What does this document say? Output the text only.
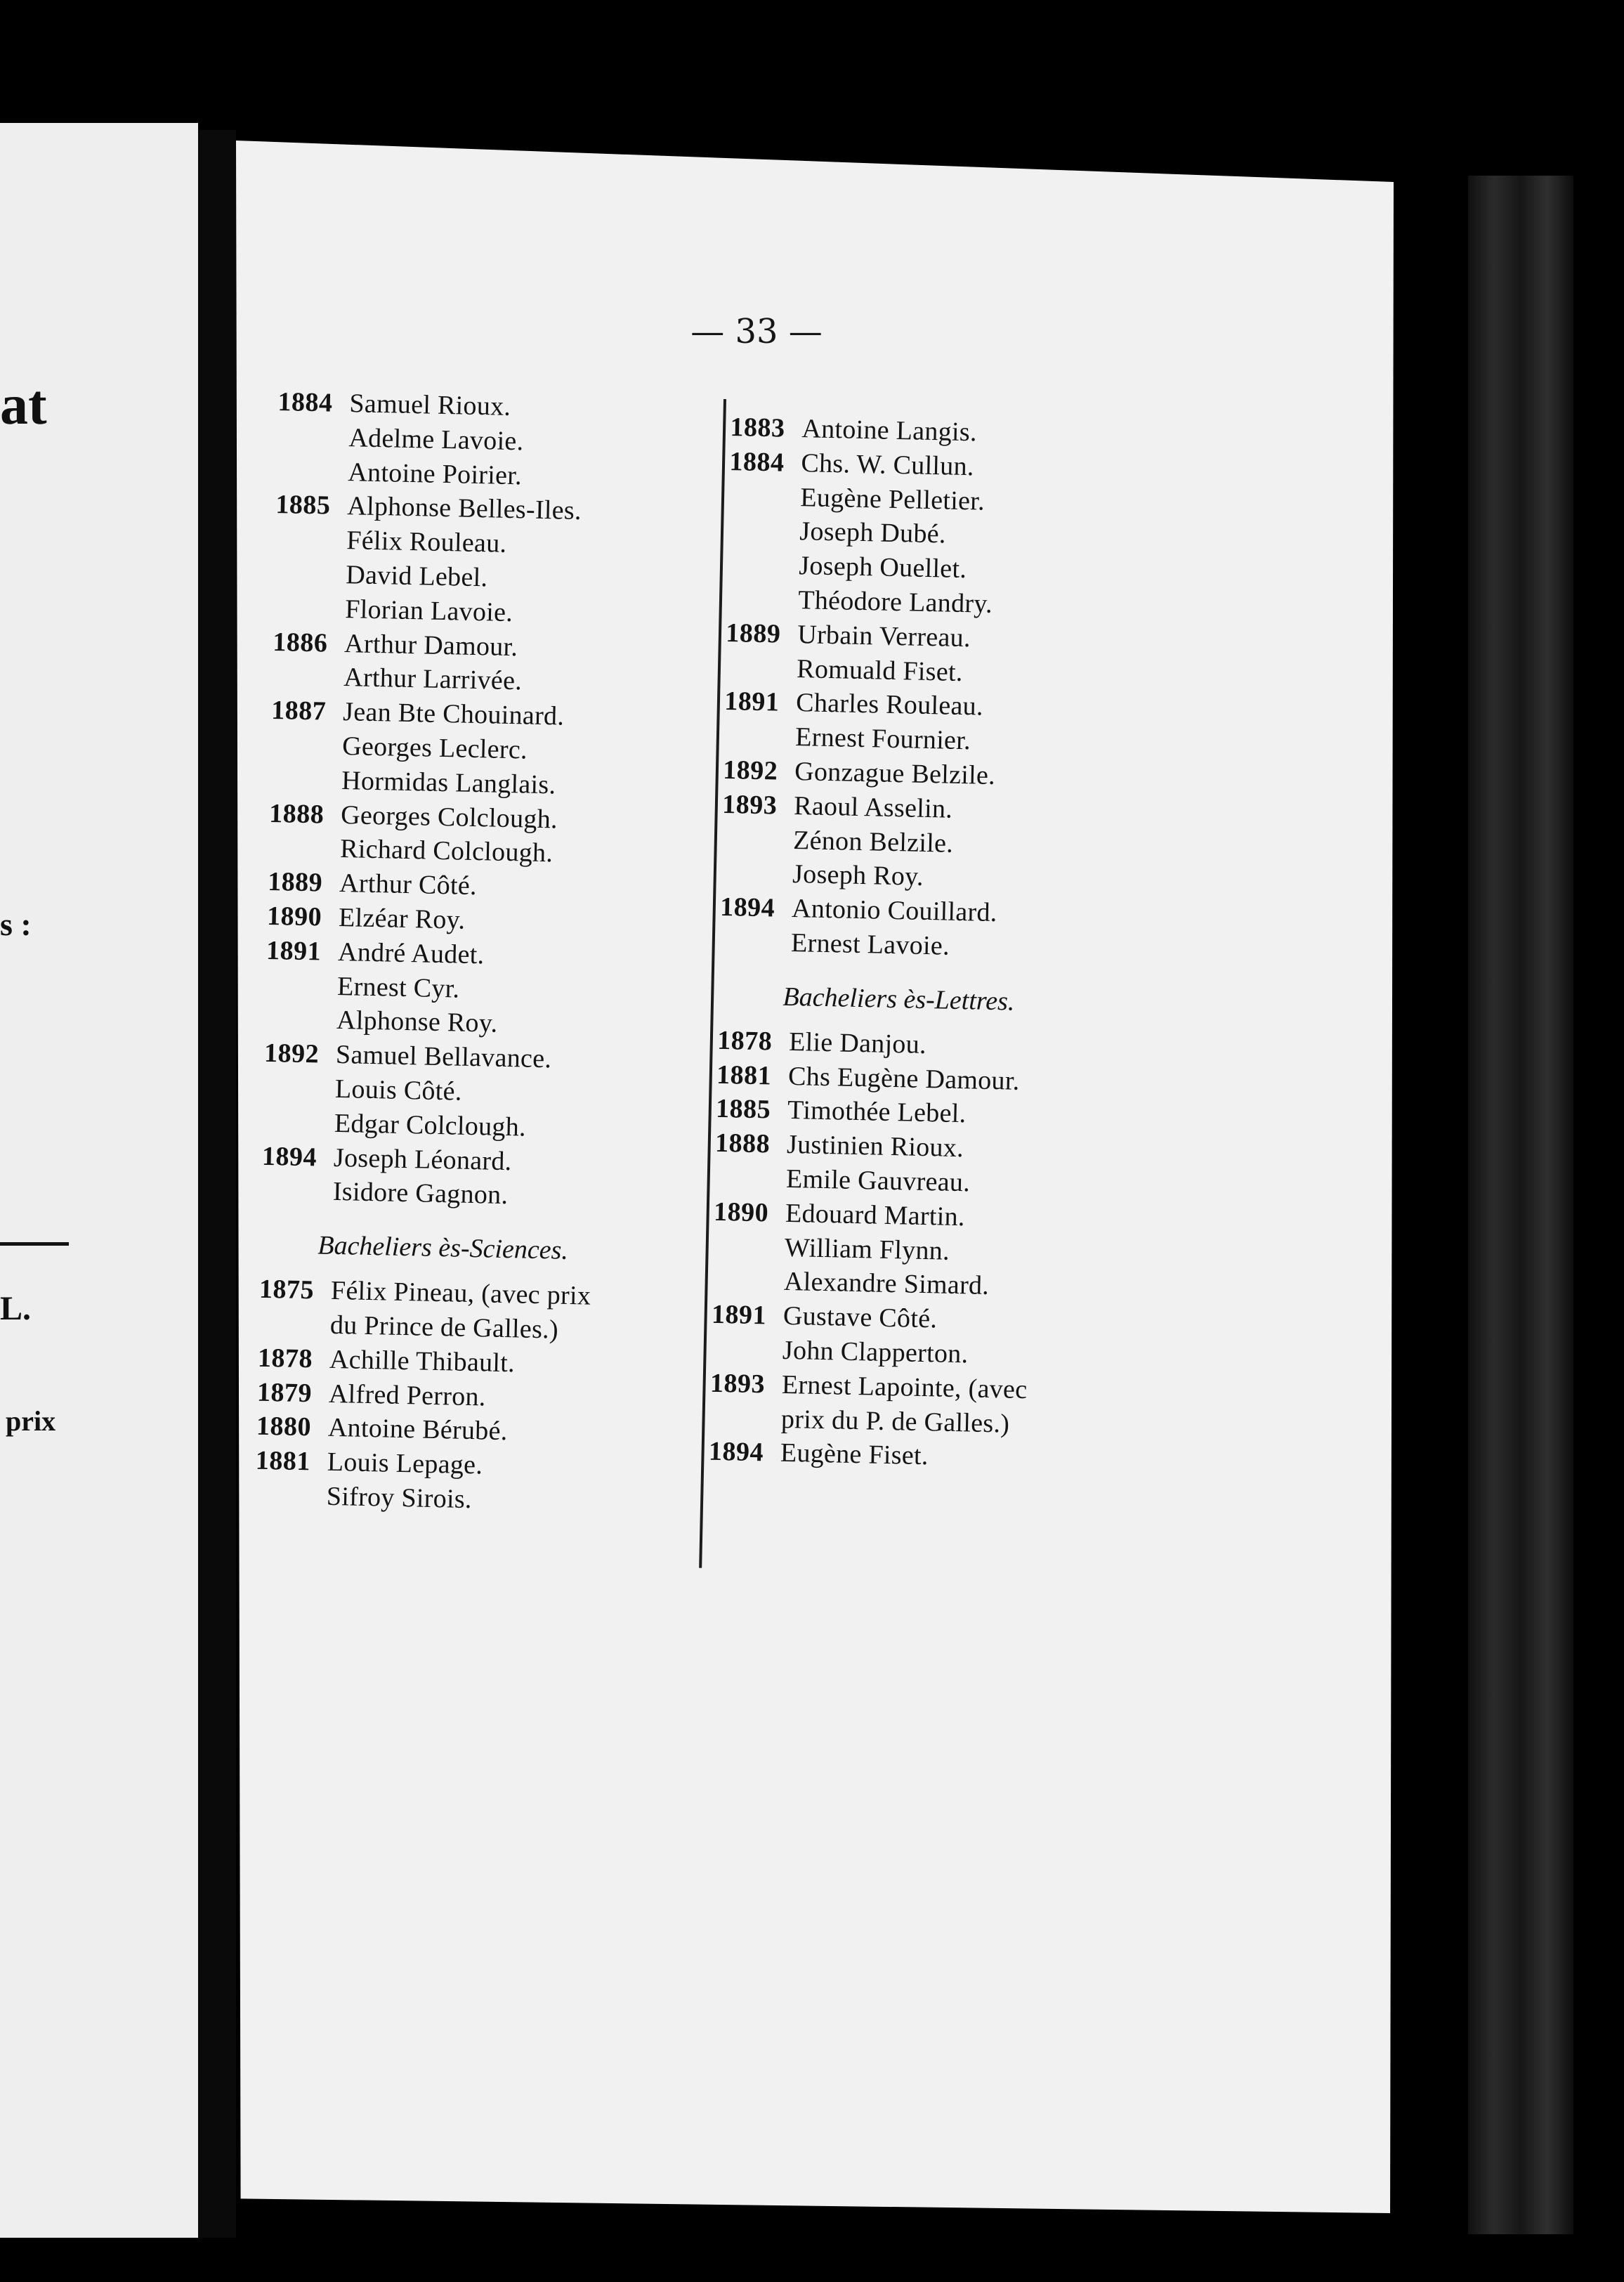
at
s :
L.
prix
— 33 —
1884 Samuel Rioux.
Adelme Lavoie.
Antoine Poirier.
1885 Alphonse Belles-Iles.
Félix Rouleau.
David Lebel.
Florian Lavoie.
1886 Arthur Damour.
Arthur Larrivée.
1887 Jean Bte Chouinard.
Georges Leclerc.
Hormidas Langlais.
1888 Georges Colclough.
Richard Colclough.
1889 Arthur Côté.
1890 Elzéar Roy.
1891 André Audet.
Ernest Cyr.
Alphonse Roy.
1892 Samuel Bellavance.
Louis Côté.
Edgar Colclough.
1894 Joseph Léonard.
Isidore Gagnon.
Bacheliers ès-Sciences.
1875 Félix Pineau, (avec prix
du Prince de Galles.)
1878 Achille Thibault.
1879 Alfred Perron.
1880 Antoine Bérubé.
1881 Louis Lepage.
Sifroy Sirois.
1883 Antoine Langis.
1884 Chs. W. Cullun.
Eugène Pelletier.
Joseph Dubé.
Joseph Ouellet.
Théodore Landry.
1889 Urbain Verreau.
Romuald Fiset.
1891 Charles Rouleau.
Ernest Fournier.
1892 Gonzague Belzile.
1893 Raoul Asselin.
Zénon Belzile.
Joseph Roy.
1894 Antonio Couillard.
Ernest Lavoie.
Bacheliers ès-Lettres.
1878 Elie Danjou.
1881 Chs Eugène Damour.
1885 Timothée Lebel.
1888 Justinien Rioux.
Emile Gauvreau.
1890 Edouard Martin.
William Flynn.
Alexandre Simard.
1891 Gustave Côté.
John Clapperton.
1893 Ernest Lapointe, (avec
prix du P. de Galles.)
1894 Eugène Fiset.
